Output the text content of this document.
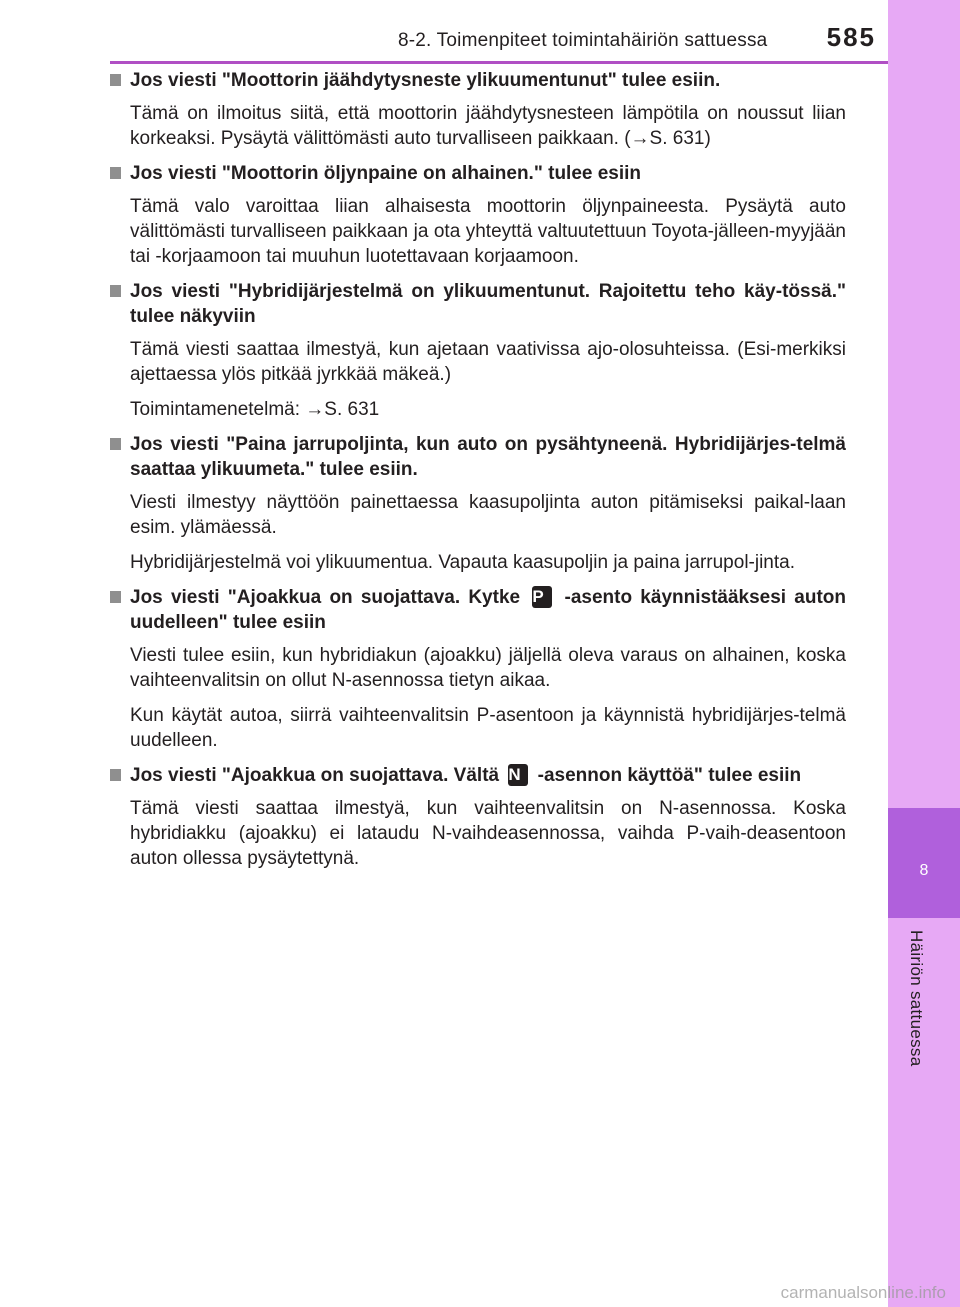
8-2. Toimenpiteet toimintahäiriön sattuessa 585
8
Häiriön sattuessa
Jos viesti "Moottorin jäähdytysneste ylikuumentunut" tulee esiin.

Tämä on ilmoitus siitä, että moottorin jäähdytysnesteen lämpötila on noussut liian korkeaksi. Pysäytä välittömästi auto turvalliseen paikkaan. (→S. 631)

Jos viesti "Moottorin öljynpaine on alhainen." tulee esiin

Tämä valo varoittaa liian alhaisesta moottorin öljynpaineesta. Pysäytä auto välittömästi turvalliseen paikkaan ja ota yhteyttä valtuutettuun Toyota-jälleen-myyjään tai -korjaamoon tai muuhun luotettavaan korjaamoon.

Jos viesti "Hybridijärjestelmä on ylikuumentunut. Rajoitettu teho käy-tössä." tulee näkyviin

Tämä viesti saattaa ilmestyä, kun ajetaan vaativissa ajo-olosuhteissa. (Esi-merkiksi ajettaessa ylös pitkää jyrkkää mäkeä.)

Toimintamenetelmä: →S. 631

Jos viesti "Paina jarrupoljinta, kun auto on pysähtyneenä. Hybridijärjes-telmä saattaa ylikuumeta." tulee esiin.

Viesti ilmestyy näyttöön painettaessa kaasupoljinta auton pitämiseksi paikal-laan esim. ylämäessä.

Hybridijärjestelmä voi ylikuumentua. Vapauta kaasupoljin ja paina jarrupol-jinta.

Jos viesti "Ajoakkua on suojattava. Kytke P -asento käynnistääksesi auton uudelleen" tulee esiin

Viesti tulee esiin, kun hybridiakun (ajoakku) jäljellä oleva varaus on alhainen, koska vaihteenvalitsin on ollut N-asennossa tietyn aikaa.

Kun käytät autoa, siirrä vaihteenvalitsin P-asentoon ja käynnistä hybridijärjes-telmä uudelleen.

Jos viesti "Ajoakkua on suojattava. Vältä N -asennon käyttöä" tulee esiin

Tämä viesti saattaa ilmestyä, kun vaihteenvalitsin on N-asennossa. Koska hybridiakku (ajoakku) ei lataudu N-vaihdeasennossa, vaihda P-vaih-deasentoon auton ollessa pysäytettynä.

carmanualsonline.info
